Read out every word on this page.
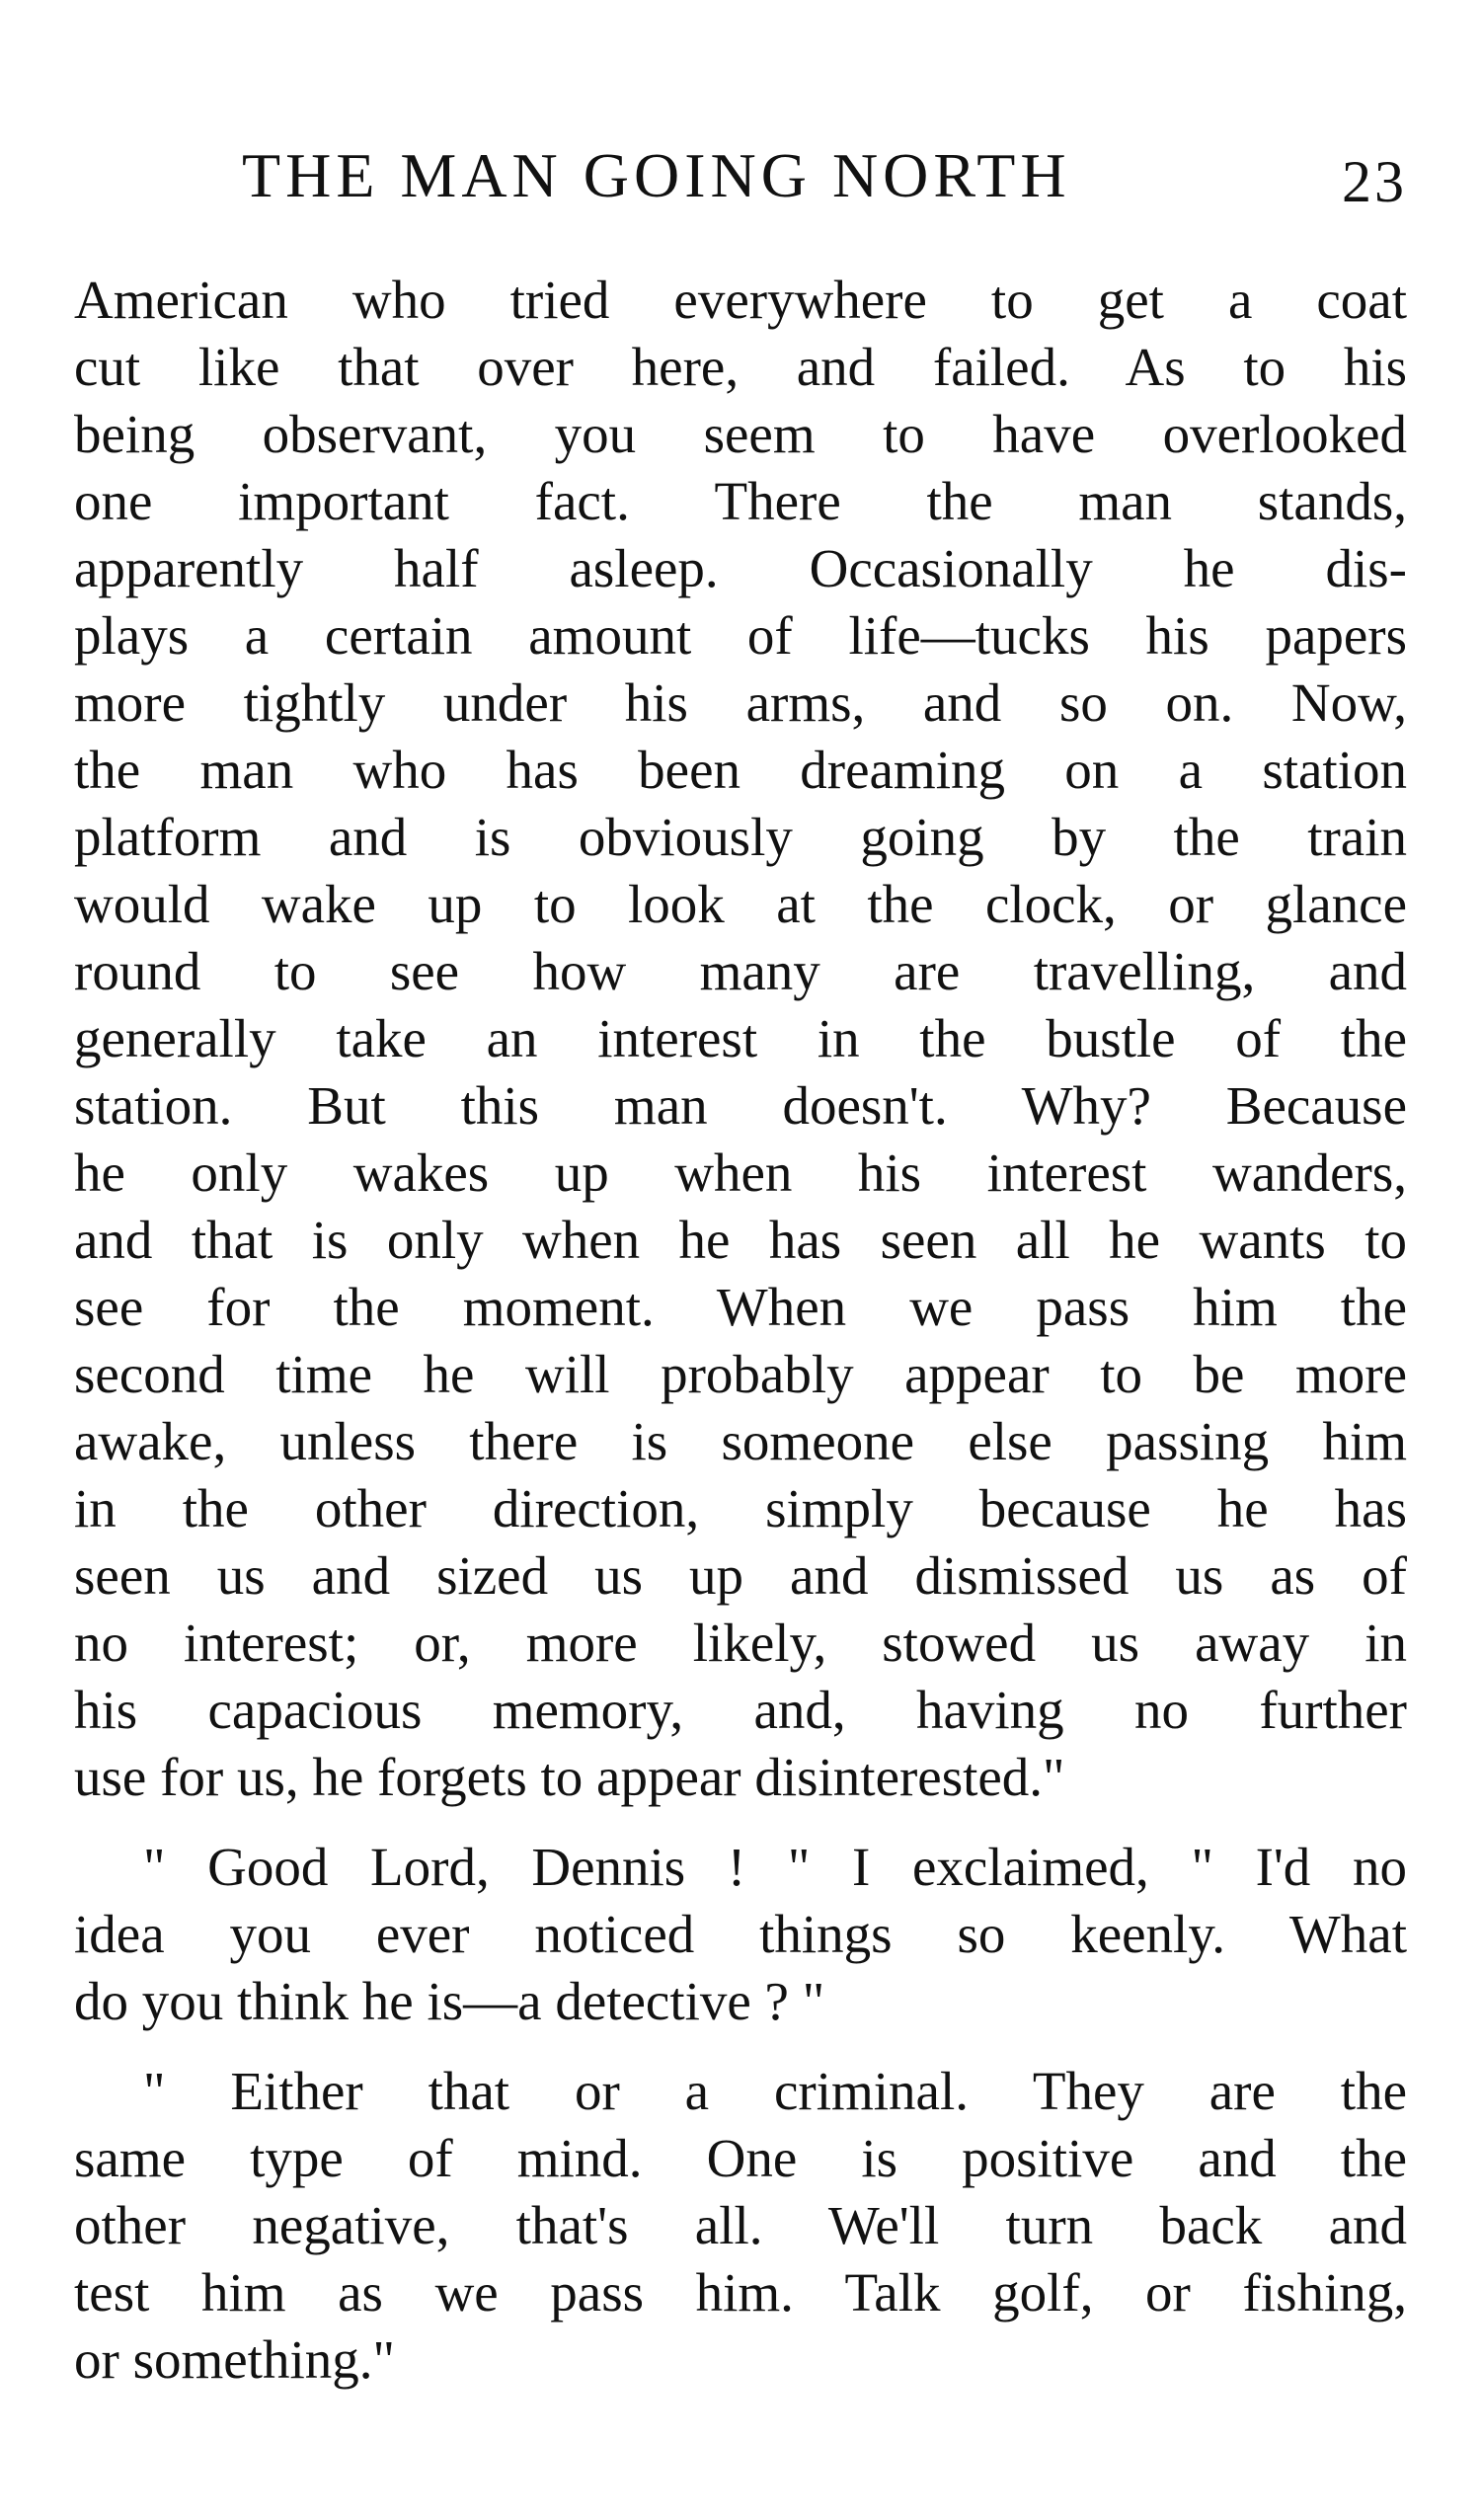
THE MAN GOING NORTH	23
American who tried everywhere to get a coat
cut like that over here, and failed. As to his
being observant, you seem to have overlooked
one important fact. There the man stands,
apparently half asleep. Occasionally he dis-
plays a certain amount of life—tucks his papers
more tightly under his arms, and so on. Now,
the man who has been dreaming on a station
platform and is obviously going by the train
would wake up to look at the clock, or glance
round to see how many are travelling, and
generally take an interest in the bustle of the
station. But this man doesn't. Why? Because
he only wakes up when his interest wanders,
and that is only when he has seen all he wants to
see for the moment. When we pass him the
second time he will probably appear to be more
awake, unless there is someone else passing him
in the other direction, simply because he has
seen us and sized us up and dismissed us as of
no interest; or, more likely, stowed us away in
his capacious memory, and, having no further
use for us, he forgets to appear disinterested."
" Good Lord, Dennis ! " I exclaimed, " I'd no
idea you ever noticed things so keenly. What
do you think he is—a detective ? "
" Either that or a criminal. They are the
same type of mind. One is positive and the
other negative, that's all. We'll turn back and
test him as we pass him. Talk golf, or fishing,
or something."
